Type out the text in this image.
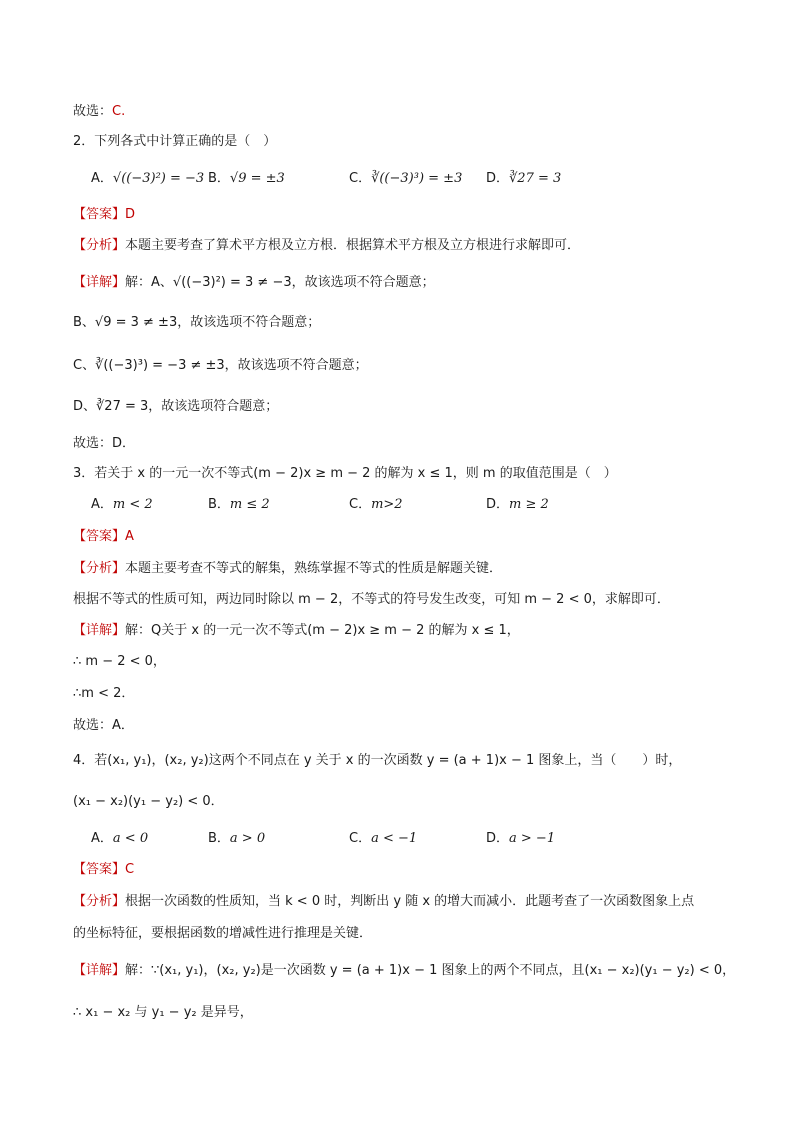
故选：C.
2．下列各式中计算正确的是（　）
A．√((−3)²) = −3 B．√9 = ±3	C．∛((−3)³) = ±3 D．∛27 = 3
【答案】D
【分析】本题主要考查了算术平方根及立方根．根据算术平方根及立方根进行求解即可．
【详解】解：A、√((−3)²) = 3 ≠ −3，故该选项不符合题意；
B、√9 = 3 ≠ ±3，故该选项不符合题意；
C、∛((−3)³) = −3 ≠ ±3，故该选项不符合题意；
D、∛27 = 3，故该选项符合题意；
故选：D．
3．若关于 x 的一元一次不等式(m − 2)x ≥ m − 2 的解为 x ≤ 1，则 m 的取值范围是（　）
A．m < 2	B．m ≤ 2	C．m>2	D．m ≥ 2
【答案】A
【分析】本题主要考查不等式的解集，熟练掌握不等式的性质是解题关键．
根据不等式的性质可知，两边同时除以 m − 2，不等式的符号发生改变，可知 m − 2 < 0，求解即可．
【详解】解：Q关于 x 的一元一次不等式(m − 2)x ≥ m − 2 的解为 x ≤ 1，
∴ m − 2 < 0，
∴m < 2．
故选：A．
4．若(x₁, y₁)，(x₂, y₂)这两个不同点在 y 关于 x 的一次函数 y = (a + 1)x − 1 图象上，当（　　）时，
(x₁ − x₂)(y₁ − y₂) < 0．
A．a < 0	B．a > 0	C．a < −1	D．a > −1
【答案】C
【分析】根据一次函数的性质知，当 k < 0 时，判断出 y 随 x 的增大而减小．此题考查了一次函数图象上点
的坐标特征，要根据函数的增减性进行推理是关键．
【详解】解：∵(x₁, y₁)，(x₂, y₂)是一次函数 y = (a + 1)x − 1 图象上的两个不同点，且(x₁ − x₂)(y₁ − y₂) < 0，
∴ x₁ − x₂ 与 y₁ − y₂ 是异号，
